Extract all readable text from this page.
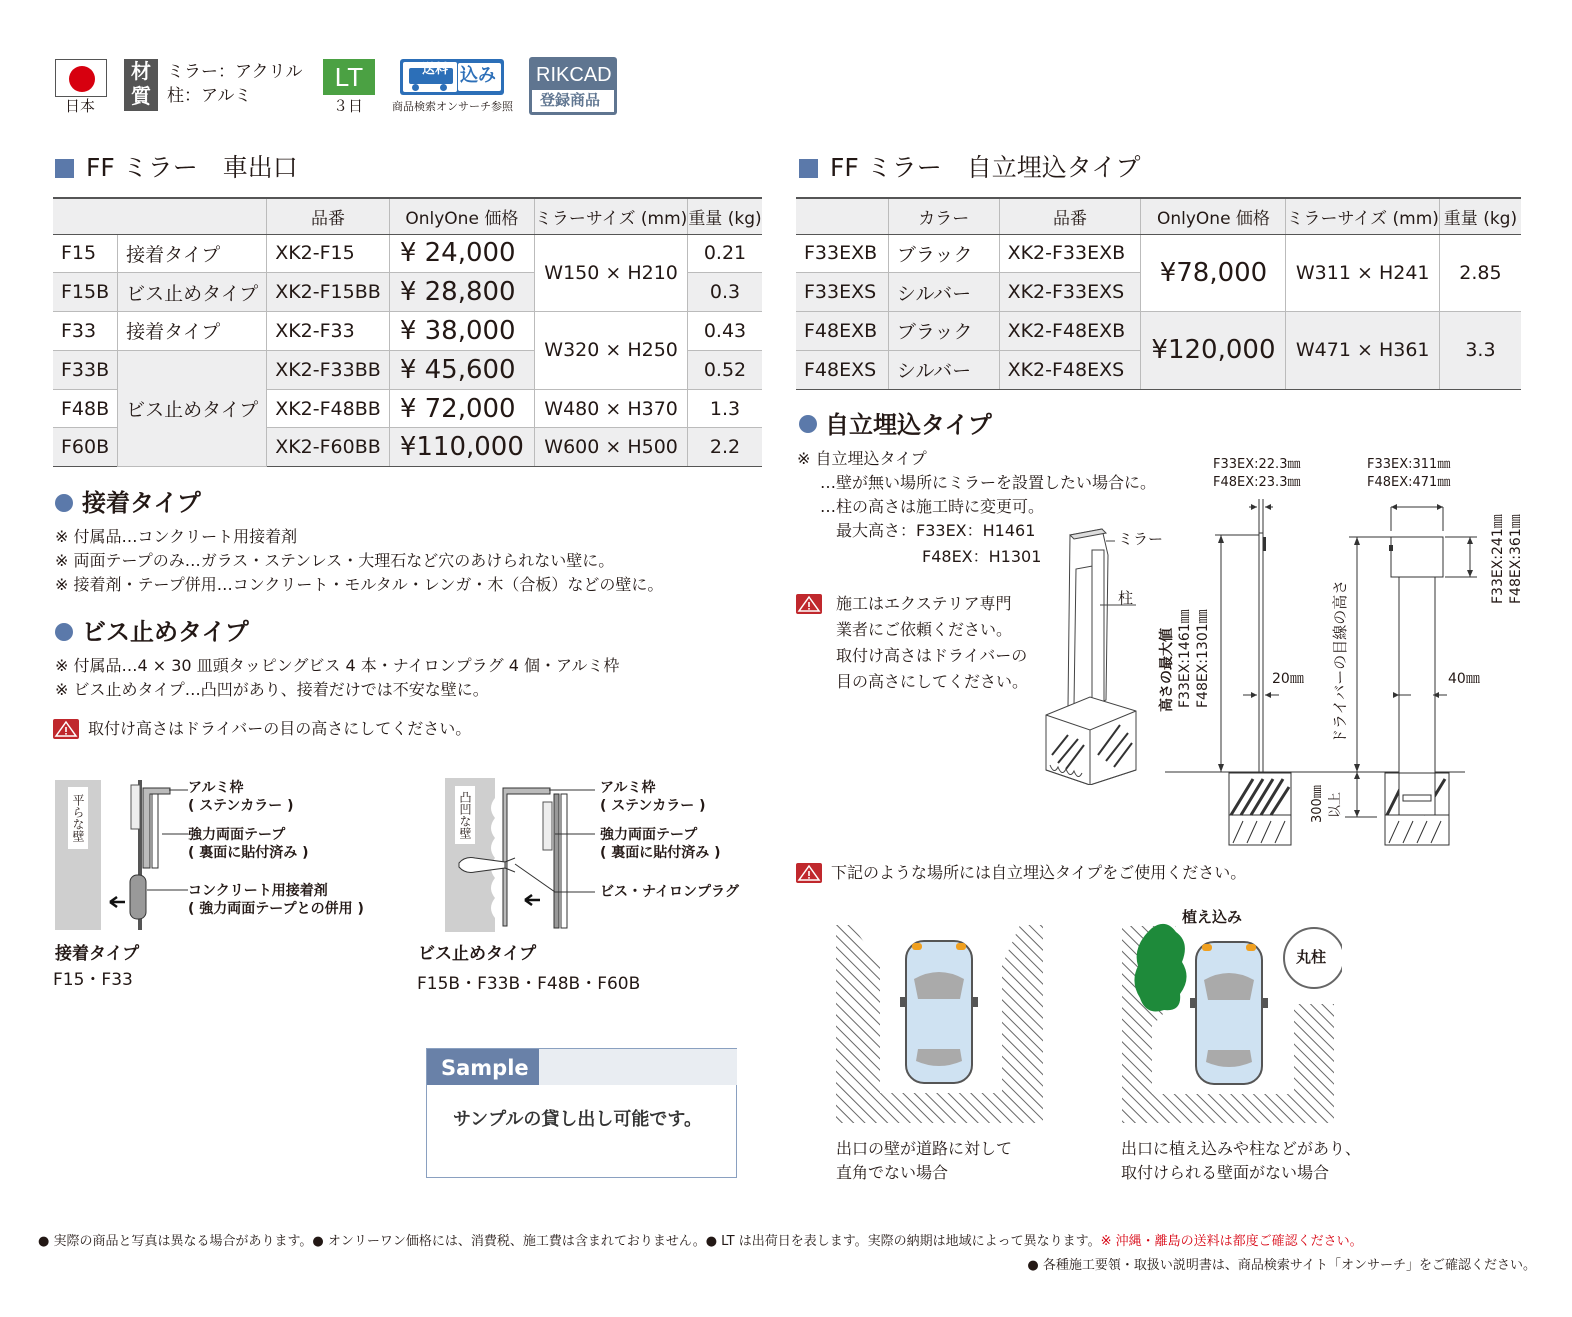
日本
材質
ミラー：アクリル
柱：アルミ
LT
３日
送料 込み
商品検索オンサーチ参照
RIKCAD
登録商品
FF ミラー　車出口
		品番	OnlyOne 価格	ミラーサイズ (mm)	重量 (kg)
F15	接着タイプ	XK2-F15	¥ 24,000	W150 × H210	0.21
F15B	ビス止めタイプ	XK2-F15BB	¥ 28,800		0.3
F33	接着タイプ	XK2-F33	¥ 38,000	W320 × H250	0.43
F33B	ビス止めタイプ	XK2-F33BB	¥ 45,600		0.52
F48B		XK2-F48BB	¥ 72,000	W480 × H370	1.3
F60B		XK2-F60BB	¥110,000	W600 × H500	2.2
接着タイプ
※ 付属品…コンクリート用接着剤
※ 両面テープのみ…ガラス・ステンレス・大理石など穴のあけられない壁に。
※ 接着剤・テープ併用…コンクリート・モルタル・レンガ・木（合板）などの壁に。
ビス止めタイプ
※ 付属品…4 × 30 皿頭タッピングビス 4 本・ナイロンプラグ 4 個・アルミ枠
※ ビス止めタイプ…凸凹があり、接着だけでは不安な壁に。
取付け高さはドライバーの目の高さにしてください。
平らな壁
アルミ枠
( ステンカラー )
強力両面テープ
( 裏面に貼付済み )
コンクリート用接着剤
( 強力両面テープとの併用 )
接着タイプ
F15・F33
凸凹な壁
アルミ枠
( ステンカラー )
強力両面テープ
( 裏面に貼付済み )
ビス・ナイロンプラグ
ビス止めタイプ
F15B・F33B・F48B・F60B
Sample
サンプルの貸し出し可能です。
FF ミラー　自立埋込タイプ
	カラー	品番	OnlyOne 価格	ミラーサイズ (mm)	重量 (kg)
F33EXB	ブラック	XK2-F33EXB	¥78,000	W311 × H241	2.85
F33EXS	シルバー	XK2-F33EXS			
F48EXB	ブラック	XK2-F48EXB	¥120,000	W471 × H361	3.3
F48EXS	シルバー	XK2-F48EXS			
自立埋込タイプ
※ 自立埋込タイプ
…壁が無い場所にミラーを設置したい場合に。
…柱の高さは施工時に変更可。
最大高さ：F33EX：H1461
F48EX：H1301
施工はエクステリア専門
業者にご依頼ください。
取付け高さはドライバーの
目の高さにしてください。
ミラー
柱
F33EX:22.3㎜
F48EX:23.3㎜
F33EX:311㎜
F48EX:471㎜
高さの最大値 F33EX:1461㎜ F48EX:1301㎜	20㎜	40㎜
ドライバーの目線の高さ
300㎜ 以上
F33EX:241㎜ F48EX:361㎜
下記のような場所には自立埋込タイプをご使用ください。
植え込み
丸柱
出口の壁が道路に対して
直角でない場合
出口に植え込みや柱などがあり、
取付けられる壁面がない場合
● 実際の商品と写真は異なる場合があります。● オンリーワン価格には、消費税、施工費は含まれておりません。● LT は出荷日を表します。実際の納期は地域によって異なります。※ 沖縄・離島の送料は都度ご確認ください。
● 各種施工要領・取扱い説明書は、商品検索サイト「オンサーチ」をご確認ください。
